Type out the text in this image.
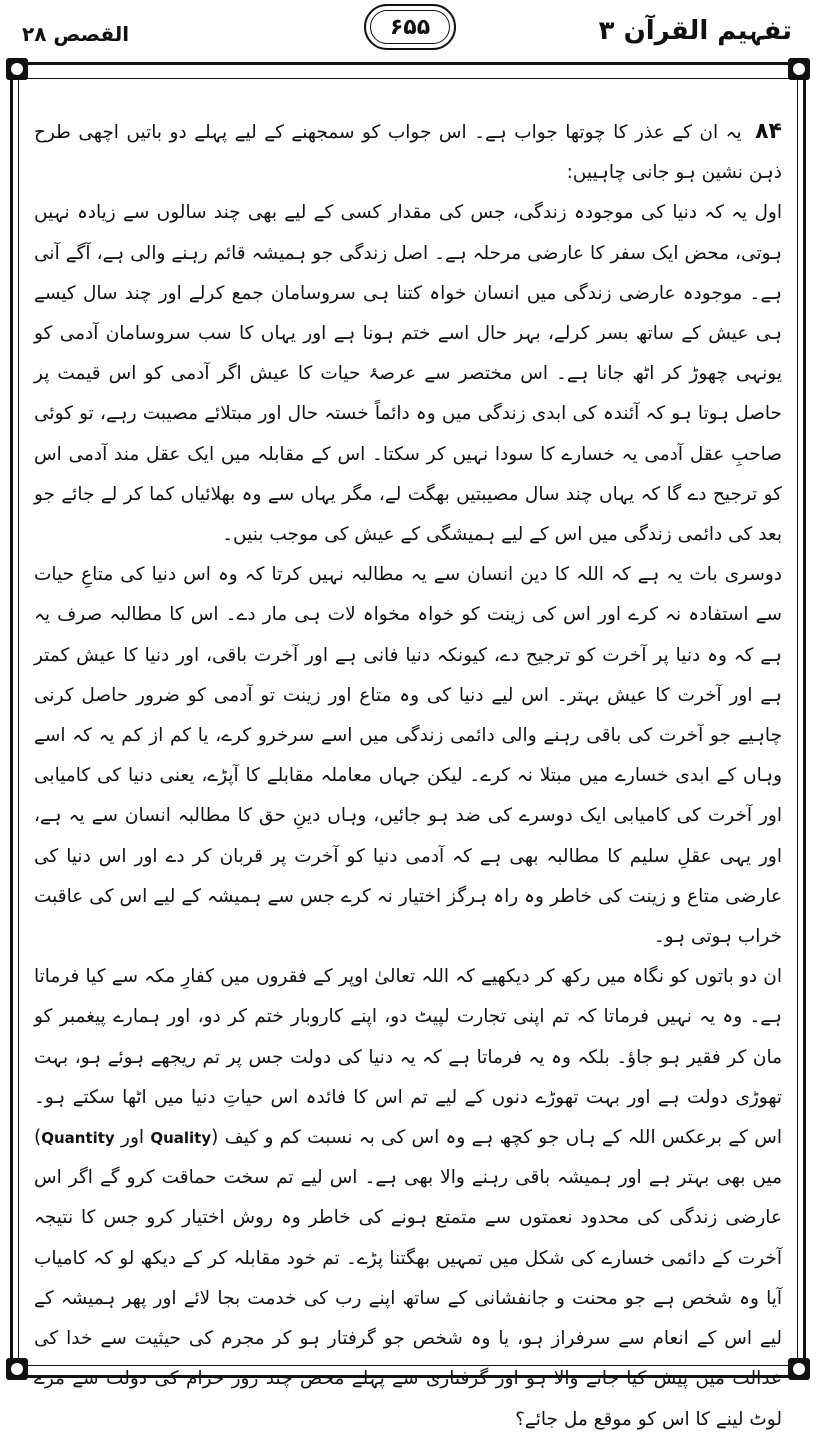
القصص ۲۸	۶۵۵	تفہیم القرآن ۳

۸۴ یہ ان کے عذر کا چوتھا جواب ہے۔ اس جواب کو سمجھنے کے لیے پہلے دو باتیں اچھی طرح ذہن نشین ہو جانی چاہییں:

اول یہ کہ دنیا کی موجودہ زندگی، جس کی مقدار کسی کے لیے بھی چند سالوں سے زیادہ نہیں ہوتی، محض ایک سفر کا عارضی مرحلہ ہے۔ اصل زندگی جو ہمیشہ قائم رہنے والی ہے، آگے آنی ہے۔ موجودہ عارضی زندگی میں انسان خواہ کتنا ہی سروسامان جمع کرلے اور چند سال کیسے ہی عیش کے ساتھ بسر کرلے، بہر حال اسے ختم ہونا ہے اور یہاں کا سب سروسامان آدمی کو یونہی چھوڑ کر اٹھ جانا ہے۔ اس مختصر سے عرصۂ حیات کا عیش اگر آدمی کو اس قیمت پر حاصل ہوتا ہو کہ آئندہ کی ابدی زندگی میں وہ دائماً خستہ حال اور مبتلائے مصیبت رہے، تو کوئی صاحبِ عقل آدمی یہ خسارے کا سودا نہیں کر سکتا۔ اس کے مقابلہ میں ایک عقل مند آدمی اس کو ترجیح دے گا کہ یہاں چند سال مصیبتیں بھگت لے، مگر یہاں سے وہ بھلائیاں کما کر لے جائے جو بعد کی دائمی زندگی میں اس کے لیے ہمیشگی کے عیش کی موجب بنیں۔

دوسری بات یہ ہے کہ اللہ کا دین انسان سے یہ مطالبہ نہیں کرتا کہ وہ اس دنیا کی متاعِ حیات سے استفادہ نہ کرے اور اس کی زینت کو خواہ مخواہ لات ہی مار دے۔ اس کا مطالبہ صرف یہ ہے کہ وہ دنیا پر آخرت کو ترجیح دے، کیونکہ دنیا فانی ہے اور آخرت باقی، اور دنیا کا عیش کمتر ہے اور آخرت کا عیش بہتر۔ اس لیے دنیا کی وہ متاع اور زینت تو آدمی کو ضرور حاصل کرنی چاہیے جو آخرت کی باقی رہنے والی دائمی زندگی میں اسے سرخرو کرے، یا کم از کم یہ کہ اسے وہاں کے ابدی خسارے میں مبتلا نہ کرے۔ لیکن جہاں معاملہ مقابلے کا آپڑے، یعنی دنیا کی کامیابی اور آخرت کی کامیابی ایک دوسرے کی ضد ہو جائیں، وہاں دینِ حق کا مطالبہ انسان سے یہ ہے، اور یہی عقلِ سلیم کا مطالبہ بھی ہے کہ آدمی دنیا کو آخرت پر قربان کر دے اور اس دنیا کی عارضی متاع و زینت کی خاطر وہ راہ ہرگز اختیار نہ کرے جس سے ہمیشہ کے لیے اس کی عاقبت خراب ہوتی ہو۔

ان دو باتوں کو نگاہ میں رکھ کر دیکھیے کہ اللہ تعالیٰ اوپر کے فقروں میں کفارِ مکہ سے کیا فرماتا ہے۔ وہ یہ نہیں فرماتا کہ تم اپنی تجارت لپیٹ دو، اپنے کاروبار ختم کر دو، اور ہمارے پیغمبر کو مان کر فقیر ہو جاؤ۔ بلکہ وہ یہ فرماتا ہے کہ یہ دنیا کی دولت جس پر تم ریجھے ہوئے ہو، بہت تھوڑی دولت ہے اور بہت تھوڑے دنوں کے لیے تم اس کا فائدہ اس حیاتِ دنیا میں اٹھا سکتے ہو۔ اس کے برعکس اللہ کے ہاں جو کچھ ہے وہ اس کی بہ نسبت کم و کیف (Quality اور Quantity) میں بھی بہتر ہے اور ہمیشہ باقی رہنے والا بھی ہے۔ اس لیے تم سخت حماقت کرو گے اگر اس عارضی زندگی کی محدود نعمتوں سے متمتع ہونے کی خاطر وہ روش اختیار کرو جس کا نتیجہ آخرت کے دائمی خسارے کی شکل میں تمہیں بھگتنا پڑے۔ تم خود مقابلہ کر کے دیکھ لو کہ کامیاب آیا وہ شخص ہے جو محنت و جانفشانی کے ساتھ اپنے رب کی خدمت بجا لائے اور پھر ہمیشہ کے لیے اس کے انعام سے سرفراز ہو، یا وہ شخص جو گرفتار ہو کر مجرم کی حیثیت سے خدا کی عدالت میں پیش کیا جانے والا ہو اور گرفتاری سے پہلے محض چند روز حرام کی دولت سے مزے لوٹ لینے کا اس کو موقع مل جائے؟
